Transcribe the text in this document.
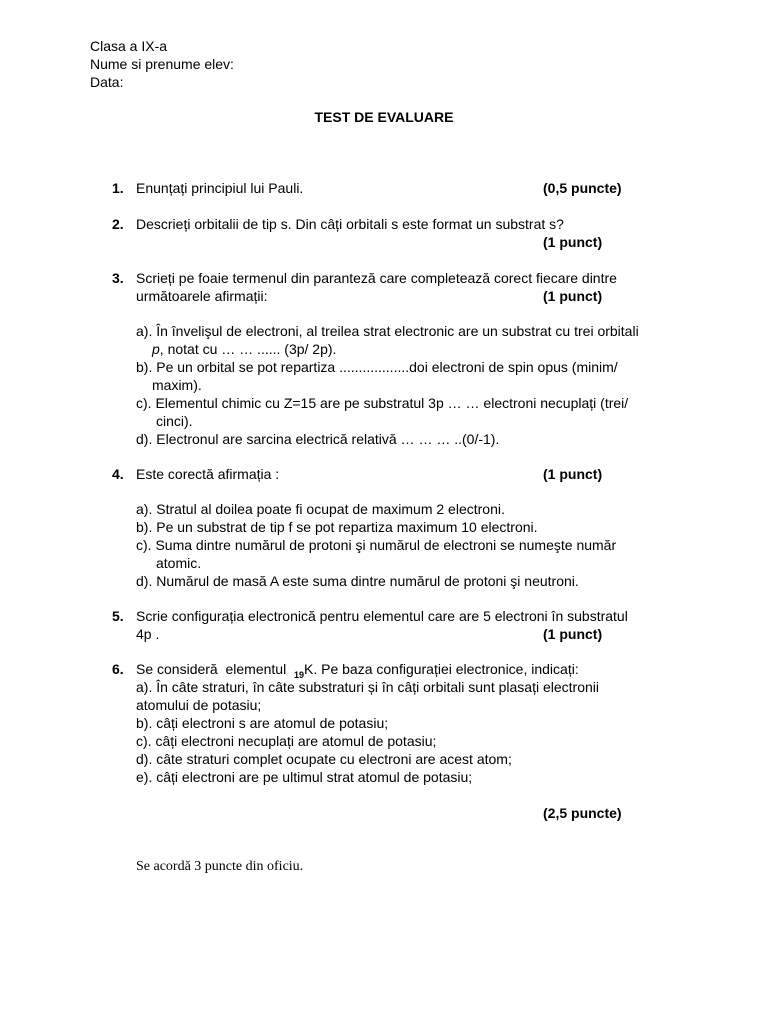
Clasa a IX-a
Nume si prenume elev:
Data:
TEST DE EVALUARE
1. Enunțați principiul lui Pauli.	(0,5 puncte)
2. Descrieți orbitalii de tip s. Din câți orbitali s este format un substrat s?
(1 punct)
3. Scrieți pe foaie termenul din paranteză care completează corect fiecare dintre
următoarele afirmații:	(1 punct)
a). În învelişul de electroni, al treilea strat electronic are un substrat cu trei orbitali
p, notat cu … … ...... (3p/ 2p).
b). Pe un orbital se pot repartiza ..................doi electroni de spin opus (minim/
maxim).
c). Elementul chimic cu Z=15 are pe substratul 3p … … electroni necuplați (trei/
cinci).
d). Electronul are sarcina electrică relativă … … … ..(0/-1).
4. Este corectă afirmația :	(1 punct)
a). Stratul al doilea poate fi ocupat de maximum 2 electroni.
b). Pe un substrat de tip f se pot repartiza maximum 10 electroni.
c). Suma dintre numărul de protoni şi numărul de electroni se numeşte număr
atomic.
d). Numărul de masă A este suma dintre numărul de protoni şi neutroni.
5. Scrie configurația electronică pentru elementul care are 5 electroni în substratul
4p .	(1 punct)
6. Se consideră  elementul  $_{19}$K. Pe baza configurației electronice, indicați:
a). În câte straturi, în câte substraturi și în câți orbitali sunt plasați electronii
atomului de potasiu;
b). câți electroni s are atomul de potasiu;
c). câți electroni necuplați are atomul de potasiu;
d). câte straturi complet ocupate cu electroni are acest atom;
e). câți electroni are pe ultimul strat atomul de potasiu;
(2,5 puncte)
Se acordă 3 puncte din oficiu.
